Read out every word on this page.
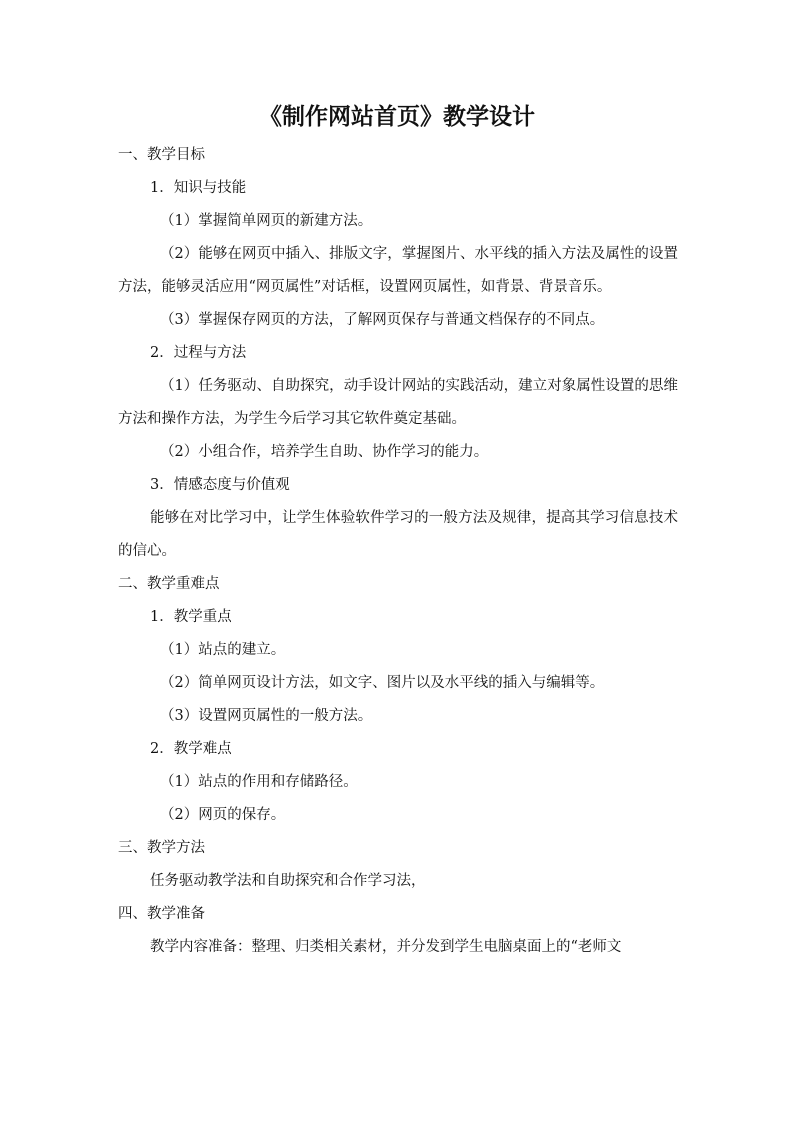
《制作网站首页》教学设计

一、教学目标

1．知识与技能

（1）掌握简单网页的新建方法。

（2）能够在网页中插入、排版文字，掌握图片、水平线的插入方法及属性的设置方法，能够灵活应用“网页属性”对话框，设置网页属性，如背景、背景音乐。

（3）掌握保存网页的方法，了解网页保存与普通文档保存的不同点。

2．过程与方法

（1）任务驱动、自助探究，动手设计网站的实践活动，建立对象属性设置的思维方法和操作方法，为学生今后学习其它软件奠定基础。

（2）小组合作，培养学生自助、协作学习的能力。

3．情感态度与价值观

能够在对比学习中，让学生体验软件学习的一般方法及规律，提高其学习信息技术的信心。

二、教学重难点

1．教学重点

（1）站点的建立。

（2）简单网页设计方法，如文字、图片以及水平线的插入与编辑等。

（3）设置网页属性的一般方法。

2．教学难点

（1）站点的作用和存储路径。

（2）网页的保存。

三、教学方法

任务驱动教学法和自助探究和合作学习法，

四、教学准备

教学内容准备：整理、归类相关素材，并分发到学生电脑桌面上的“老师文
